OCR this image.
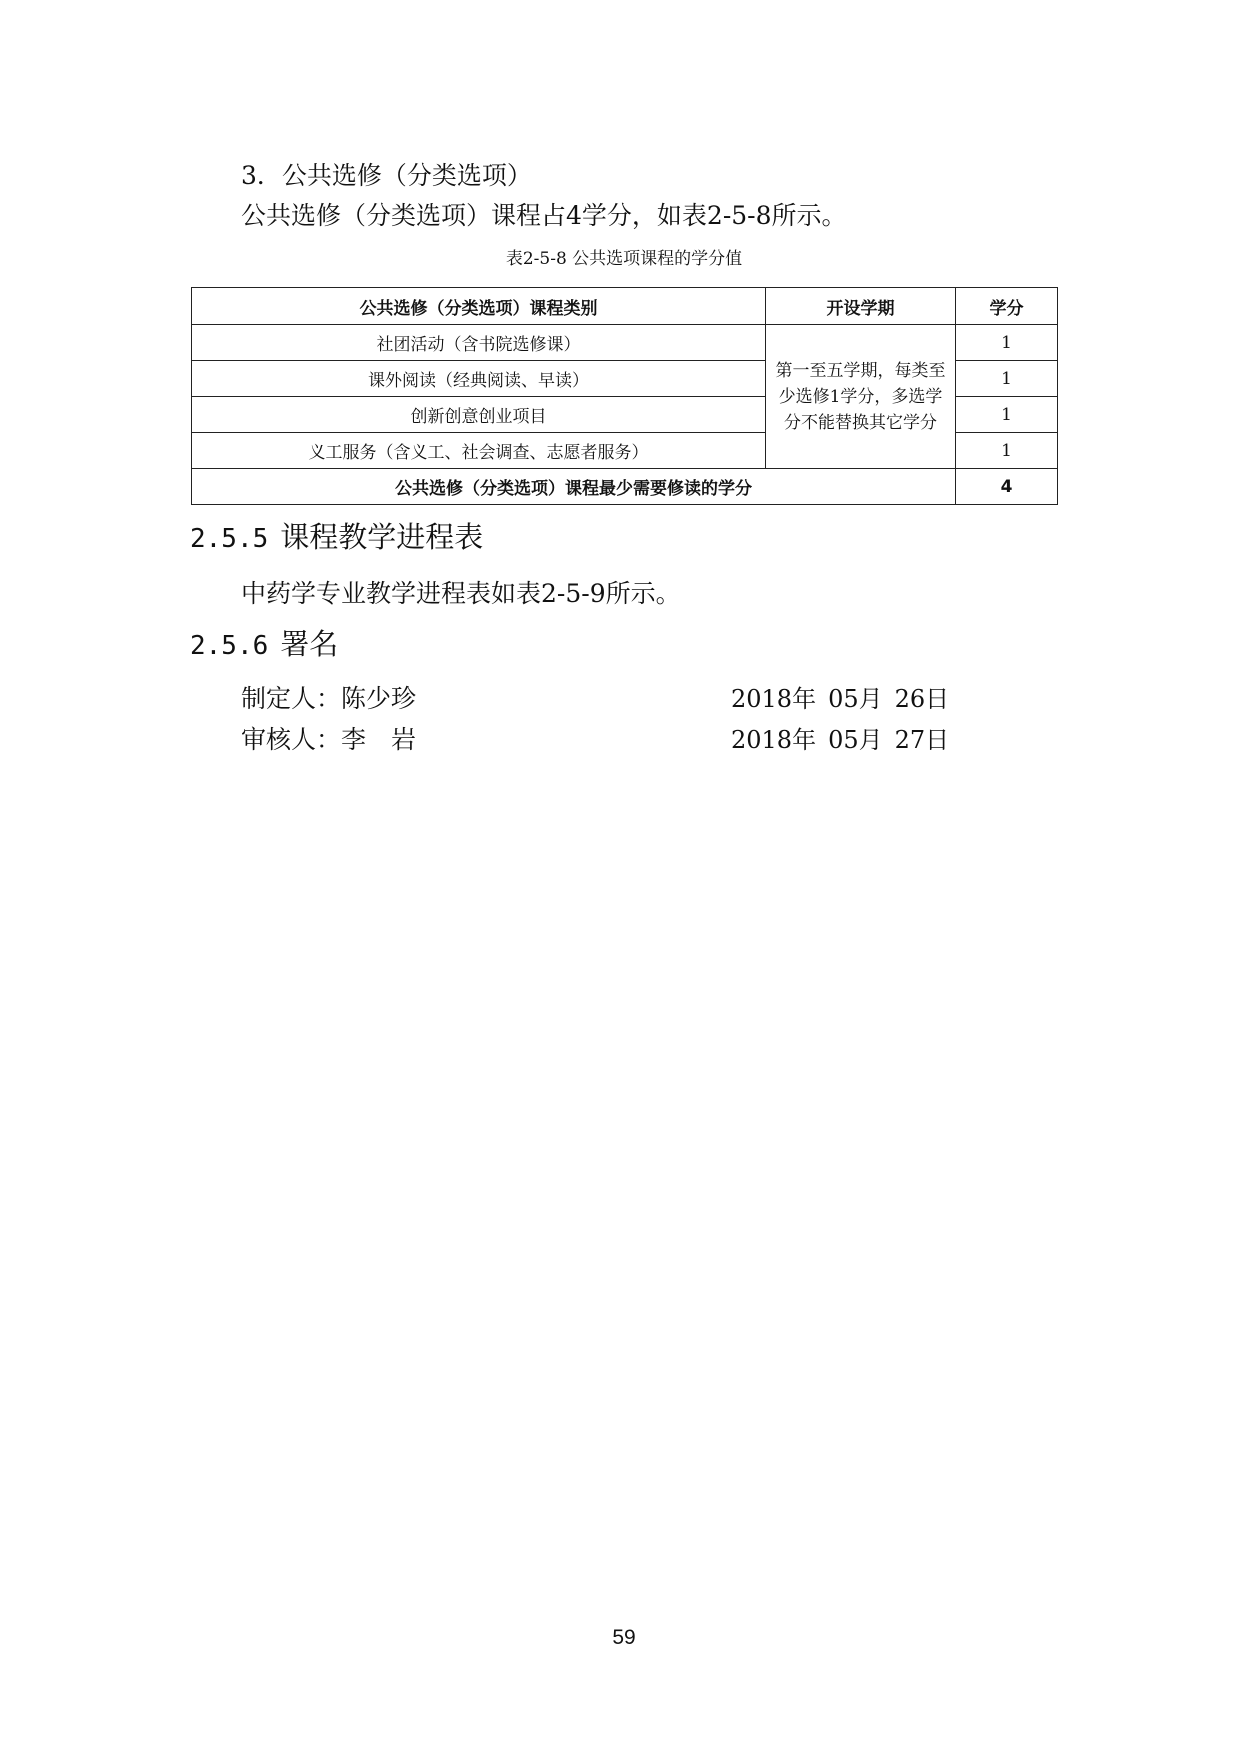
3．公共选修（分类选项）
公共选修（分类选项）课程占4学分，如表2-5-8所示。
表2-5-8 公共选项课程的学分值
公共选修（分类选项）课程类别	开设学期	学分
社团活动（含书院选修课）	第一至五学期，每类至少选修1学分，多选学分不能替换其它学分	1
课外阅读（经典阅读、早读）		1
创新创意创业项目		1
义工服务（含义工、社会调查、志愿者服务）		1
公共选修（分类选项）课程最少需要修读的学分		4
2.5.5 课程教学进程表
中药学专业教学进程表如表2-5-9所示。
2.5.6 署名
制定人：陈少珍	2018年 05月 26日
审核人：李　岩	2018年 05月 27日
59
